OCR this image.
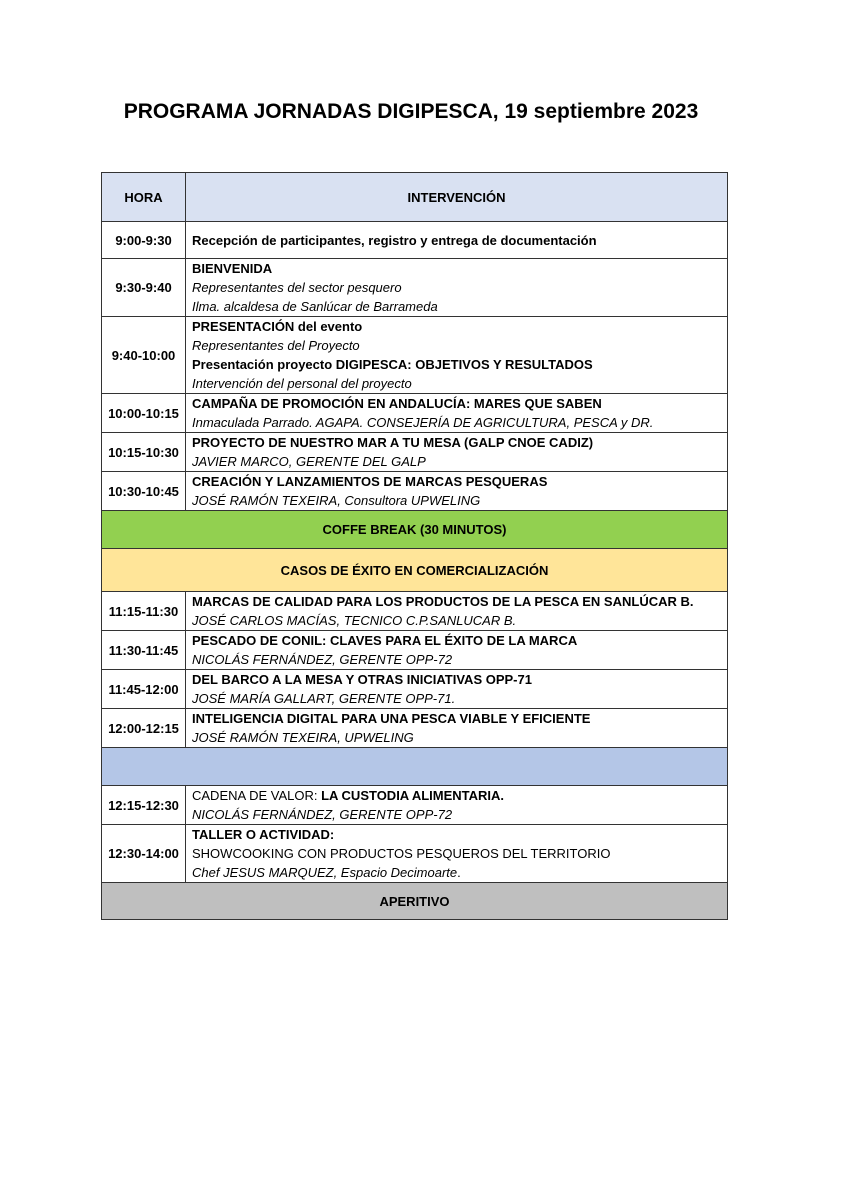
PROGRAMA JORNADAS DIGIPESCA, 19 septiembre 2023
HORA	INTERVENCIÓN
9:00-9:30	Recepción de participantes, registro y entrega de documentación

9:30-9:40	BIENVENIDA
Representantes del sector pesquero
Ilma. alcaldesa de Sanlúcar de Barrameda

9:40-10:00	PRESENTACIÓN del evento
Representantes del Proyecto
Presentación proyecto DIGIPESCA: OBJETIVOS Y RESULTADOS
Intervención del personal del proyecto

10:00-10:15	CAMPAÑA DE PROMOCIÓN EN ANDALUCÍA: MARES QUE SABEN
Inmaculada Parrado. AGAPA. CONSEJERÍA DE AGRICULTURA, PESCA y DR.

10:15-10:30	PROYECTO DE NUESTRO MAR A TU MESA (GALP CNOE CADIZ)
JAVIER MARCO, GERENTE DEL GALP

10:30-10:45	CREACIÓN Y LANZAMIENTOS DE MARCAS PESQUERAS
JOSÉ RAMÓN TEXEIRA, Consultora UPWELING

COFFE BREAK (30 MINUTOS)	
CASOS DE ÉXITO EN COMERCIALIZACIÓN	
11:15-11:30	MARCAS DE CALIDAD PARA LOS PRODUCTOS DE LA PESCA EN SANLÚCAR B.
JOSÉ CARLOS MACÍAS, TECNICO C.P.SANLUCAR B.

11:30-11:45	PESCADO DE CONIL: CLAVES PARA EL ÉXITO DE LA MARCA
NICOLÁS FERNÁNDEZ, GERENTE OPP-72

11:45-12:00	DEL BARCO A LA MESA Y OTRAS INICIATIVAS OPP-71
JOSÉ MARÍA GALLART, GERENTE OPP-71.

12:00-12:15	INTELIGENCIA DIGITAL PARA UNA PESCA VIABLE Y EFICIENTE
JOSÉ RAMÓN TEXEIRA, UPWELING

12:15-12:30	CADENA DE VALOR: LA CUSTODIA ALIMENTARIA.
NICOLÁS FERNÁNDEZ, GERENTE OPP-72

12:30-14:00	TALLER O ACTIVIDAD:
SHOWCOOKING CON PRODUCTOS PESQUEROS DEL TERRITORIO
Chef JESUS MARQUEZ, Espacio Decimoarte.

APERITIVO	
